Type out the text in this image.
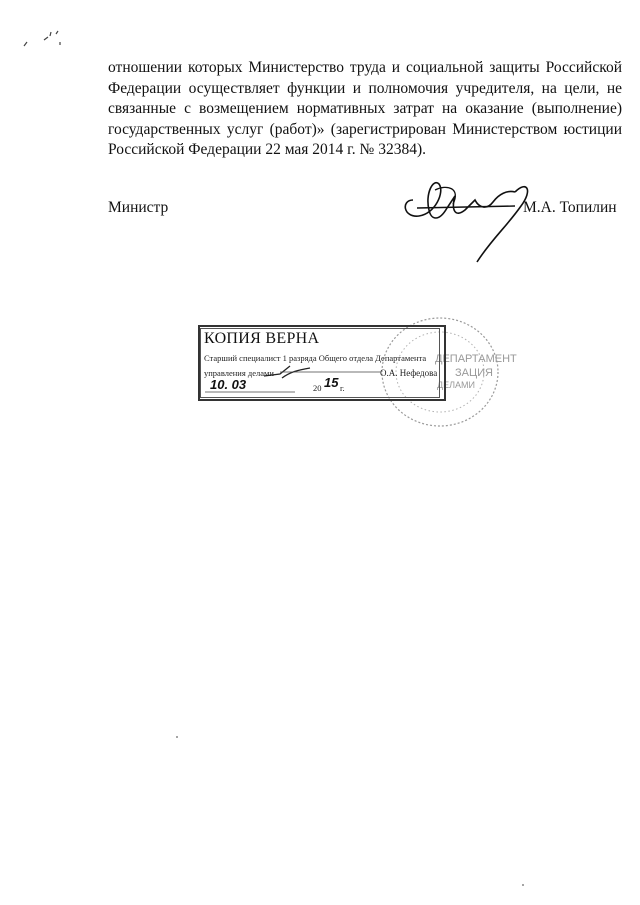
отношении которых Министерство труда и социальной защиты Российской
Федерации осуществляет функции и полномочия учредителя, на цели, не
связанные с возмещением нормативных затрат на оказание (выполнение)
государственных услуг (работ)» (зарегистрирован Министерством юстиции
Российской Федерации 22 мая 2014 г. № 32384).
Министр	М.А. Топилин
ДЕПАРТАМЕНТ
ЗАЦИЯ
ДЕЛАМИ
КОПИЯ ВЕРНА
Старший специалист 1 разряда Общего отдела Департамента
управления делами	О.А. Нефедова
10. 03	20 15 г.
